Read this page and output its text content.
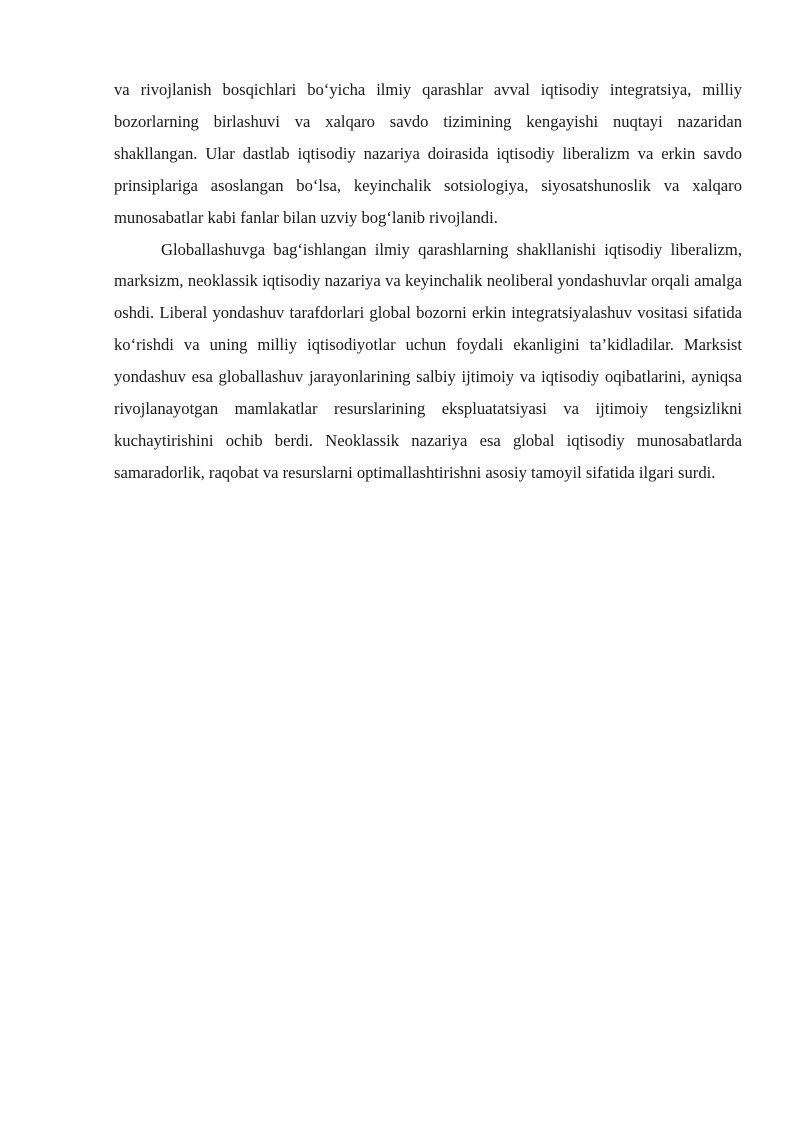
va rivojlanish bosqichlari bo‘yicha ilmiy qarashlar avval iqtisodiy integratsiya, milliy bozorlarning birlashuvi va xalqaro savdo tizimining kengayishi nuqtayi nazaridan shakllangan. Ular dastlab iqtisodiy nazariya doirasida iqtisodiy liberalizm va erkin savdo prinsiplariga asoslangan bo‘lsa, keyinchalik sotsiologiya, siyosatshunoslik va xalqaro munosabatlar kabi fanlar bilan uzviy bog‘lanib rivojlandi.

Globallashuvga bag‘ishlangan ilmiy qarashlarning shakllanishi iqtisodiy liberalizm, marksizm, neoklassik iqtisodiy nazariya va keyinchalik neoliberal yondashuvlar orqali amalga oshdi. Liberal yondashuv tarafdorlari global bozorni erkin integratsiyalashuv vositasi sifatida ko‘rishdi va uning milliy iqtisodiyotlar uchun foydali ekanligini ta’kidladilar. Marksist yondashuv esa globallashuv jarayonlarining salbiy ijtimoiy va iqtisodiy oqibatlarini, ayniqsa rivojlanayotgan mamlakatlar resurslarining ekspluatatsiyasi va ijtimoiy tengsizlikni kuchaytirishini ochib berdi. Neoklassik nazariya esa global iqtisodiy munosabatlarda samaradorlik, raqobat va resurslarni optimallashtirishni asosiy tamoyil sifatida ilgari surdi.
